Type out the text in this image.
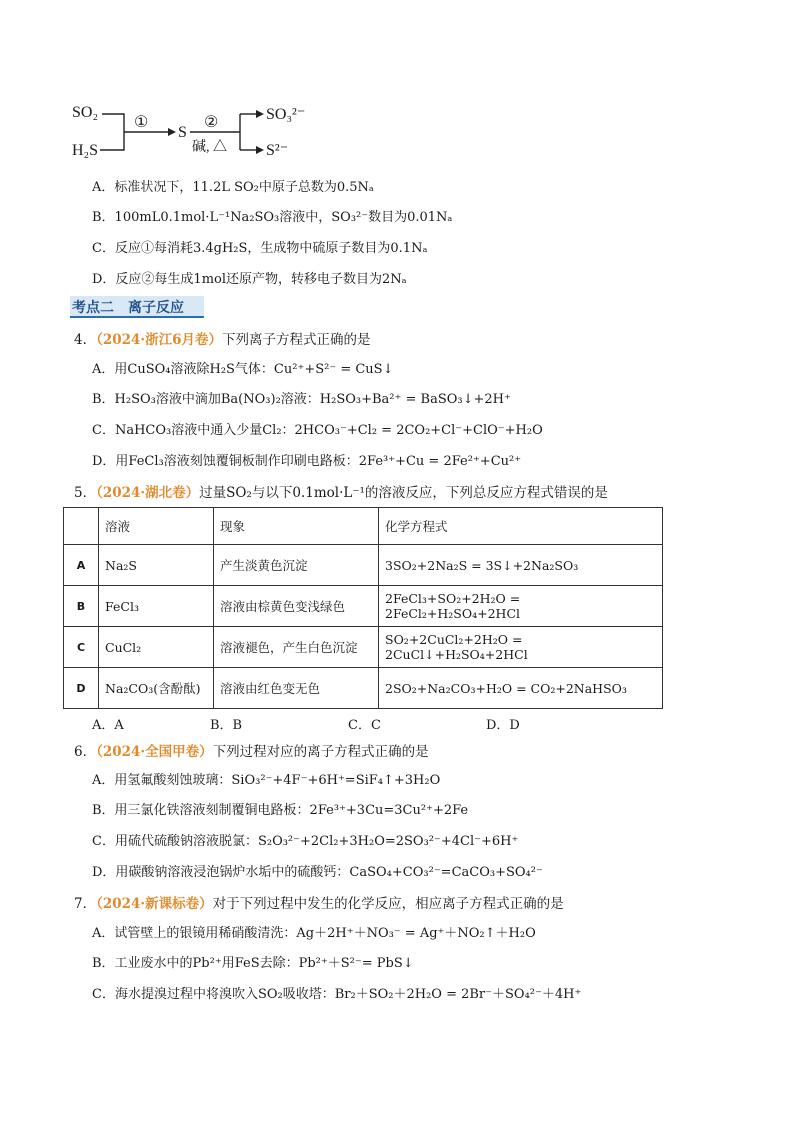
SO₂
H₂S
①
S
②
碱, △
SO₃²⁻
S²⁻
A．标准状况下，11.2L SO₂中原子总数为0.5Nₐ
B．100mL0.1mol·L⁻¹Na₂SO₃溶液中，SO₃²⁻数目为0.01Nₐ
C．反应①每消耗3.4gH₂S，生成物中硫原子数目为0.1Nₐ
D．反应②每生成1mol还原产物，转移电子数目为2Nₐ
考点二　离子反应
4．（2024·浙江6月卷）下列离子方程式正确的是
A．用CuSO₄溶液除H₂S气体：Cu²⁺+S²⁻ = CuS↓
B．H₂SO₃溶液中滴加Ba(NO₃)₂溶液：H₂SO₃+Ba²⁺ = BaSO₃↓+2H⁺
C．NaHCO₃溶液中通入少量Cl₂：2HCO₃⁻+Cl₂ = 2CO₂+Cl⁻+ClO⁻+H₂O
D．用FeCl₃溶液刻蚀覆铜板制作印刷电路板：2Fe³⁺+Cu = 2Fe²⁺+Cu²⁺
5．（2024·湖北卷）过量SO₂与以下0.1mol·L⁻¹的溶液反应，下列总反应方程式错误的是
	溶液	现象	化学方程式
A	Na₂S	产生淡黄色沉淀	3SO₂+2Na₂S = 3S↓+2Na₂SO₃
B	FeCl₃	溶液由棕黄色变浅绿色	2FeCl₃+SO₂+2H₂O = 2FeCl₂+H₂SO₄+2HCl
C	CuCl₂	溶液褪色，产生白色沉淀	SO₂+2CuCl₂+2H₂O = 2CuCl↓+H₂SO₄+2HCl
D	Na₂CO₃(含酚酞)	溶液由红色变无色	2SO₂+Na₂CO₃+H₂O = CO₂+2NaHSO₃
A．A	B．B	C．C	D．D
6．（2024·全国甲卷）下列过程对应的离子方程式正确的是
A．用氢氟酸刻蚀玻璃：SiO₃²⁻+4F⁻+6H⁺=SiF₄↑+3H₂O
B．用三氯化铁溶液刻制覆铜电路板：2Fe³⁺+3Cu=3Cu²⁺+2Fe
C．用硫代硫酸钠溶液脱氯：S₂O₃²⁻+2Cl₂+3H₂O=2SO₃²⁻+4Cl⁻+6H⁺
D．用碳酸钠溶液浸泡锅炉水垢中的硫酸钙：CaSO₄+CO₃²⁻=CaCO₃+SO₄²⁻
7．（2024·新课标卷）对于下列过程中发生的化学反应，相应离子方程式正确的是
A．试管壁上的银镜用稀硝酸清洗：Ag＋2H⁺＋NO₃⁻ = Ag⁺＋NO₂↑＋H₂O
B．工业废水中的Pb²⁺用FeS去除：Pb²⁺＋S²⁻= PbS↓
C．海水提溴过程中将溴吹入SO₂吸收塔：Br₂＋SO₂＋2H₂O = 2Br⁻＋SO₄²⁻＋4H⁺
